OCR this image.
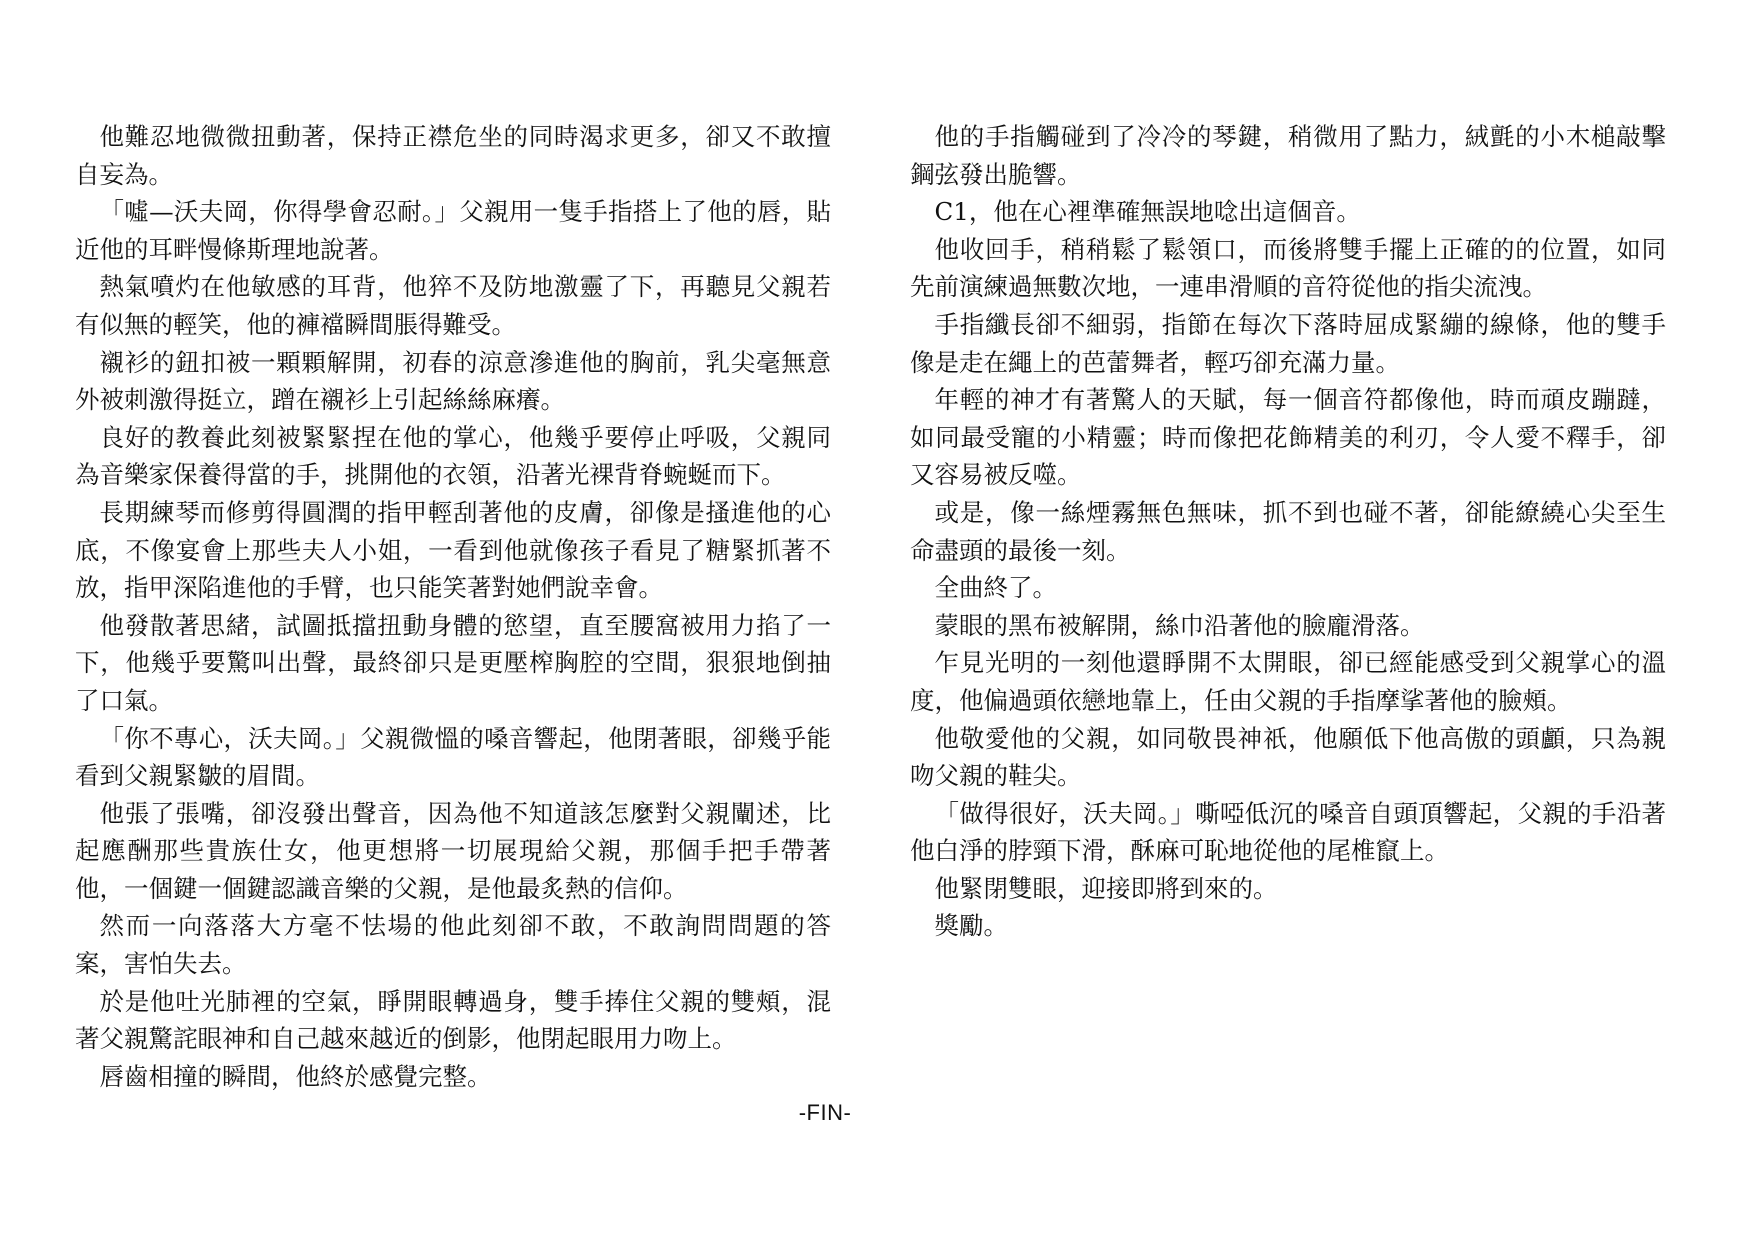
他難忍地微微扭動著，保持正襟危坐的同時渴求更多，卻又不敢擅自妄為。

「噓—沃夫岡，你得學會忍耐。」父親用一隻手指搭上了他的唇，貼近他的耳畔慢條斯理地說著。

熱氣噴灼在他敏感的耳背，他猝不及防地激靈了下，再聽見父親若有似無的輕笑，他的褲襠瞬間脹得難受。

襯衫的鈕扣被一顆顆解開，初春的涼意滲進他的胸前，乳尖毫無意外被刺激得挺立，蹭在襯衫上引起絲絲麻癢。

良好的教養此刻被緊緊捏在他的掌心，他幾乎要停止呼吸，父親同為音樂家保養得當的手，挑開他的衣領，沿著光裸背脊蜿蜒而下。

長期練琴而修剪得圓潤的指甲輕刮著他的皮膚，卻像是搔進他的心底，不像宴會上那些夫人小姐，一看到他就像孩子看見了糖緊抓著不放，指甲深陷進他的手臂，也只能笑著對她們說幸會。

他發散著思緒，試圖抵擋扭動身體的慾望，直至腰窩被用力掐了一下，他幾乎要驚叫出聲，最終卻只是更壓榨胸腔的空間，狠狠地倒抽了口氣。

「你不專心，沃夫岡。」父親微慍的嗓音響起，他閉著眼，卻幾乎能看到父親緊皺的眉間。

他張了張嘴，卻沒發出聲音，因為他不知道該怎麼對父親闡述，比起應酬那些貴族仕女，他更想將一切展現給父親，那個手把手帶著他，一個鍵一個鍵認識音樂的父親，是他最炙熱的信仰。

然而一向落落大方毫不怯場的他此刻卻不敢，不敢詢問問題的答案，害怕失去。

於是他吐光肺裡的空氣，睜開眼轉過身，雙手捧住父親的雙頰，混著父親驚詫眼神和自己越來越近的倒影，他閉起眼用力吻上。

唇齒相撞的瞬間，他終於感覺完整。

他的手指觸碰到了冷冷的琴鍵，稍微用了點力，絨氈的小木槌敲擊鋼弦發出脆響。

C1，他在心裡準確無誤地唸出這個音。

他收回手，稍稍鬆了鬆領口，而後將雙手擺上正確的的位置，如同先前演練過無數次地，一連串滑順的音符從他的指尖流洩。

手指纖長卻不細弱，指節在每次下落時屈成緊繃的線條，他的雙手像是走在繩上的芭蕾舞者，輕巧卻充滿力量。

年輕的神才有著驚人的天賦，每一個音符都像他，時而頑皮蹦躂，如同最受寵的小精靈；時而像把花飾精美的利刃，令人愛不釋手，卻又容易被反噬。

或是，像一絲煙霧無色無味，抓不到也碰不著，卻能繚繞心尖至生命盡頭的最後一刻。

全曲終了。

蒙眼的黑布被解開，絲巾沿著他的臉龐滑落。

乍見光明的一刻他還睜開不太開眼，卻已經能感受到父親掌心的溫度，他偏過頭依戀地靠上，任由父親的手指摩挲著他的臉頰。

他敬愛他的父親，如同敬畏神祇，他願低下他高傲的頭顱，只為親吻父親的鞋尖。

「做得很好，沃夫岡。」嘶啞低沉的嗓音自頭頂響起，父親的手沿著他白淨的脖頸下滑，酥麻可恥地從他的尾椎竄上。

他緊閉雙眼，迎接即將到來的。

獎勵。

-FIN-
